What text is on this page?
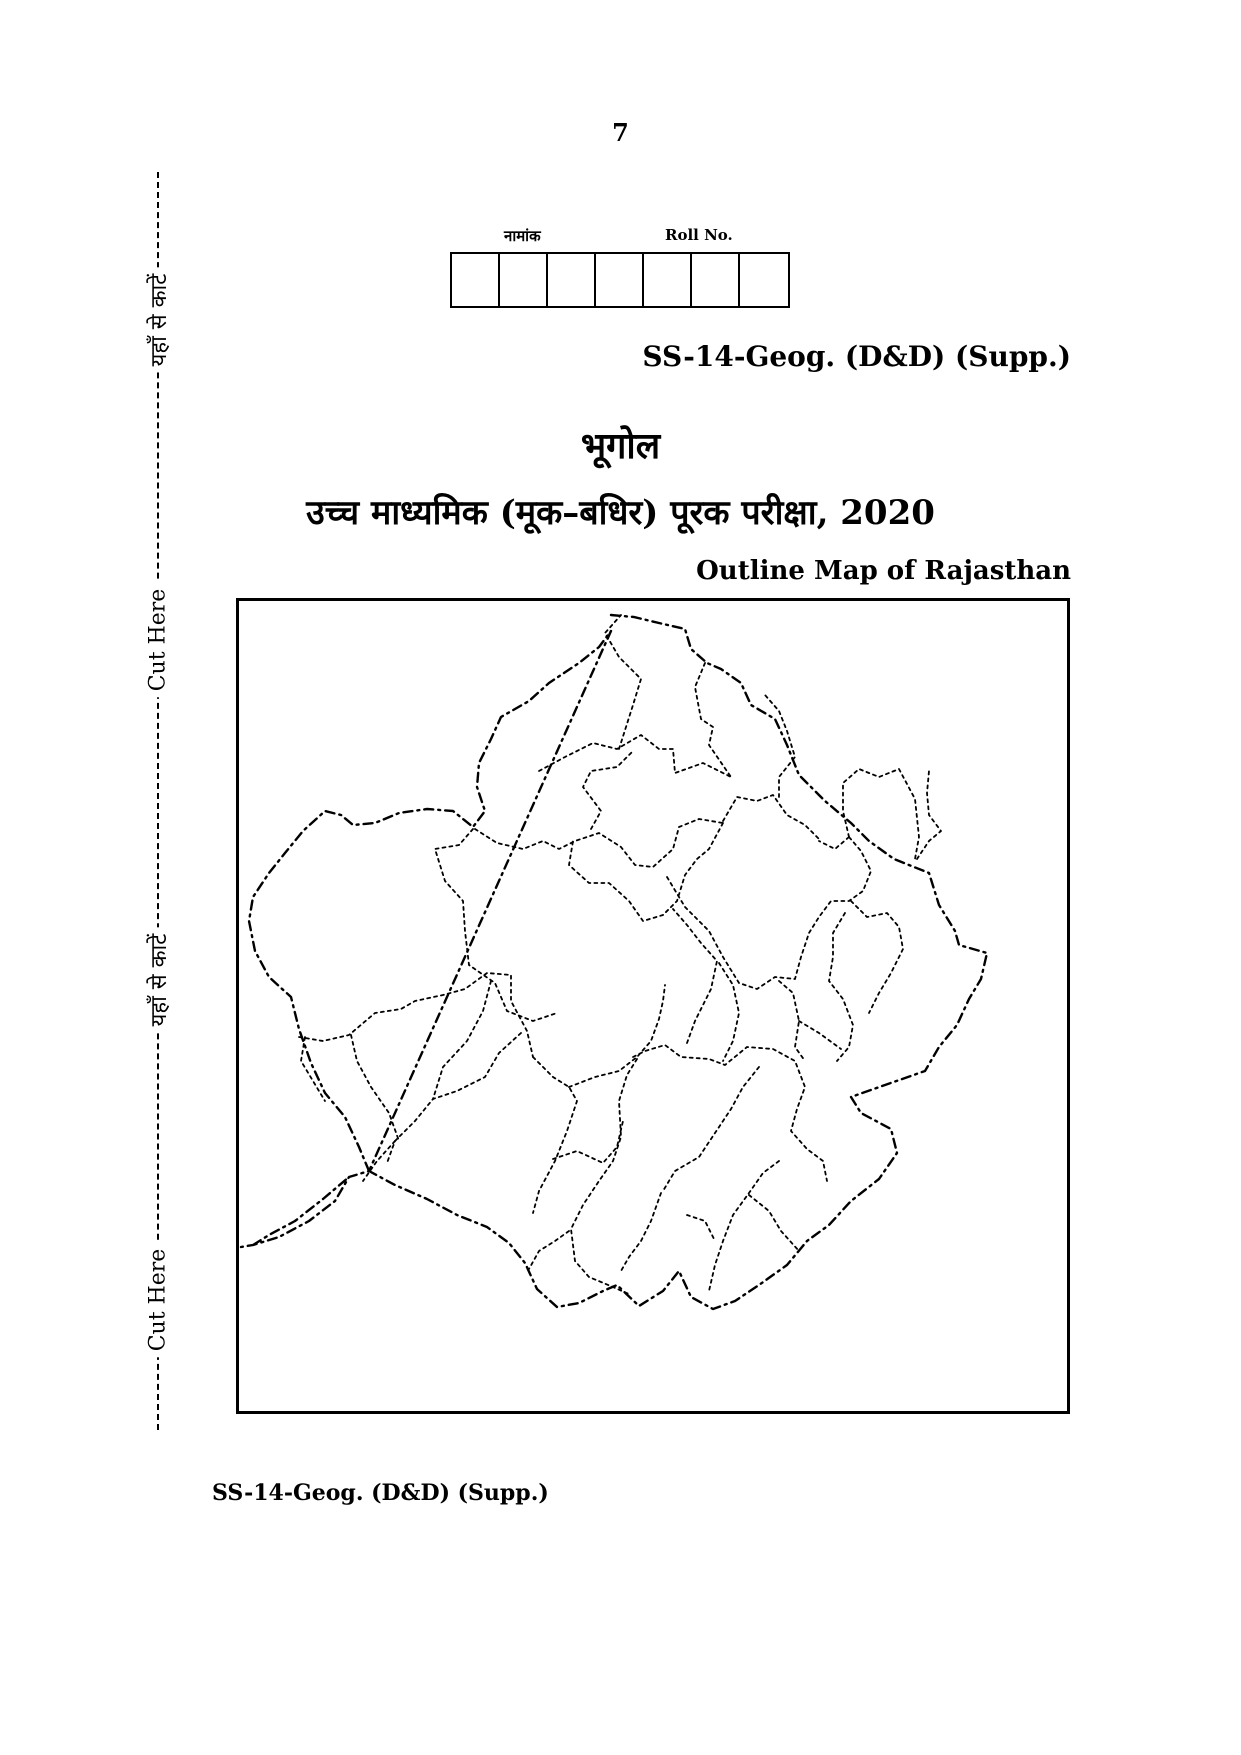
यहाँ से काटें
Cut Here
यहाँ से काटें
Cut Here
7
नामांक	Roll No.
SS-14-Geog. (D&D) (Supp.)
भूगोल
उच्च माध्यमिक (मूक–बधिर) पूरक परीक्षा, 2020
Outline Map of Rajasthan
SS-14-Geog. (D&D) (Supp.)
